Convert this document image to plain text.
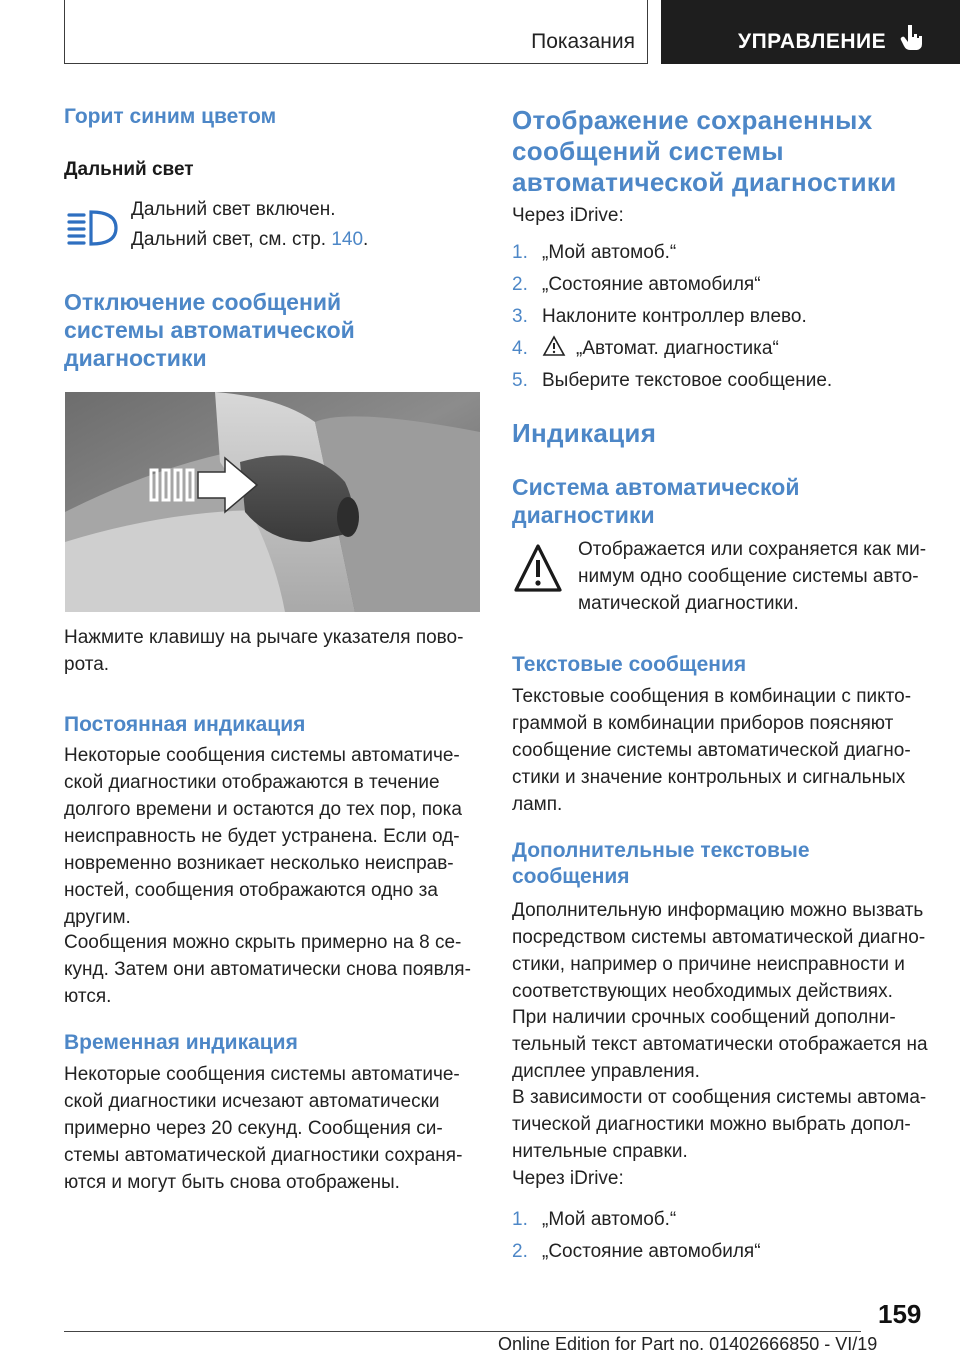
Показания	УПРАВЛЕНИЕ
Горит синим цветом
Дальний свет

Дальний свет включен.

Дальний свет, см. стр. 140.

Отключение сообщений
системы автоматической
диагностики

Нажмите клавишу на рычаге указателя пово-
рота.

Постоянная индикация

Некоторые сообщения системы автоматиче-
ской диагностики отображаются в течение
долгого времени и остаются до тех пор, пока
неисправность не будет устранена. Если од-
новременно возникает несколько неисправ-
ностей, сообщения отображаются одно за
другим.

Сообщения можно скрыть примерно на 8 се-
кунд. Затем они автоматически снова появля-
ются.

Временная индикация

Некоторые сообщения системы автоматиче-
ской диагностики исчезают автоматически
примерно через 20 секунд. Сообщения си-
стемы автоматической диагностики сохраня-
ются и могут быть снова отображены.

Отображение сохраненных
сообщений системы
автоматической диагностики

Через iDrive:

1. „Мой автомоб.“
2. „Состояние автомобиля“
3. Наклоните контроллер влево.
4.	„Автомат. диагностика“
5. Выберите текстовое сообщение.
Индикация
Система автоматической
диагностики

Отображается или сохраняется как ми-
нимум одно сообщение системы авто-
матической диагностики.

Текстовые сообщения

Текстовые сообщения в комбинации с пикто-
граммой в комбинации приборов поясняют
сообщение системы автоматической диагно-
стики и значение контрольных и сигнальных
ламп.

Дополнительные текстовые
сообщения

Дополнительную информацию можно вызвать
посредством системы автоматической диагно-
стики, например о причине неисправности и
соответствующих необходимых действиях.

При наличии срочных сообщений дополни-
тельный текст автоматически отображается на
дисплее управления.

В зависимости от сообщения системы автома-
тической диагностики можно выбрать допол-
нительные справки.

Через iDrive:

1. „Мой автомоб.“
2. „Состояние автомобиля“
159
Online Edition for Part no. 01402666850 - VI/19
